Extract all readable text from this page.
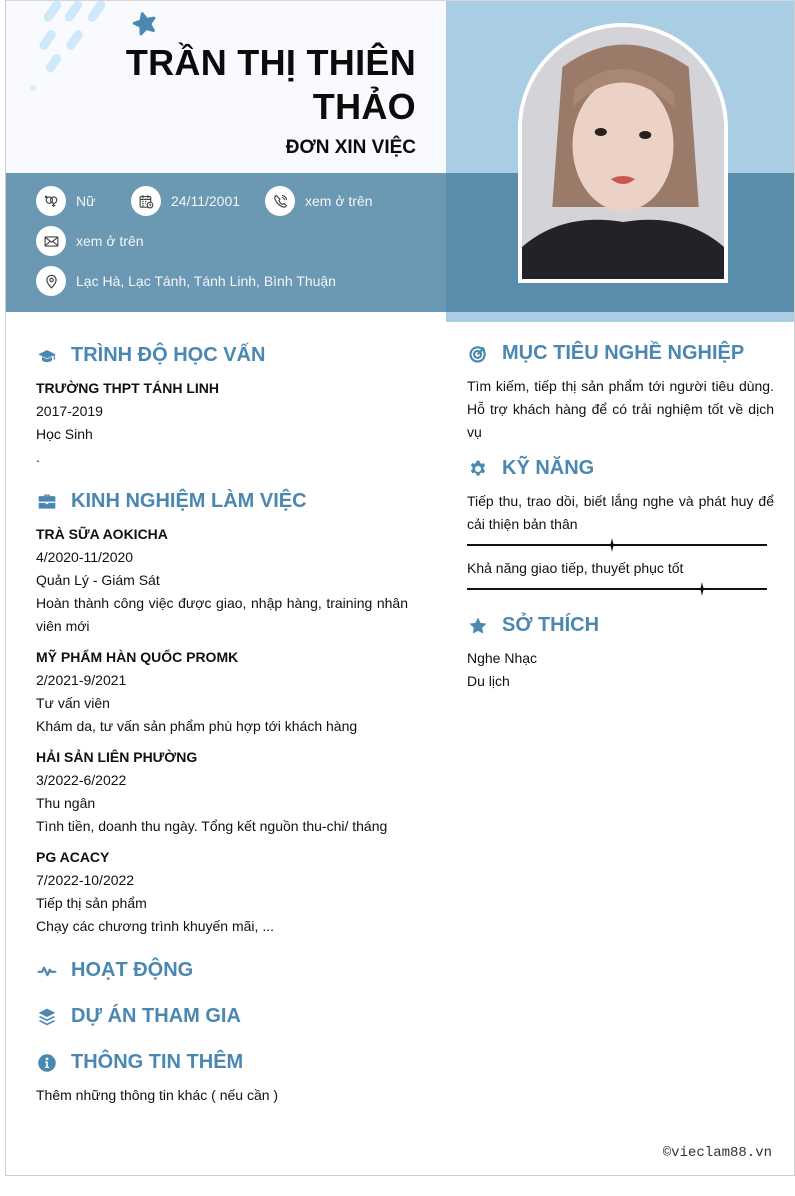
TRẦN THỊ THIÊN
THẢO
ĐƠN XIN VIỆC
Nữ	24/11/2001	xem ở trên
xem ở trên
Lạc Hà, Lạc Tánh, Tánh Linh, Bình Thuận
TRÌNH ĐỘ HỌC VẤN
TRƯỜNG THPT TÁNH LINH
2017-2019
Học Sinh
.
KINH NGHIỆM LÀM VIỆC
TRÀ SỮA AOKICHA
4/2020-11/2020
Quản Lý - Giám Sát
Hoàn thành công việc được giao, nhập hàng, training nhân viên mới
MỸ PHẨM HÀN QUỐC PROMK
2/2021-9/2021
Tư vấn viên
Khám da, tư vấn sản phẩm phù hợp tới khách hàng
HẢI SẢN LIÊN PHƯỜNG
3/2022-6/2022
Thu ngân
Tình tiền, doanh thu ngày. Tổng kết nguồn thu-chi/ tháng
PG ACACY
7/2022-10/2022
Tiếp thị sản phẩm
Chạy các chương trình khuyến mãi, ...
HOẠT ĐỘNG
DỰ ÁN THAM GIA
THÔNG TIN THÊM
Thêm những thông tin khác ( nếu cần )
MỤC TIÊU NGHỀ NGHIỆP
Tìm kiếm, tiếp thị sản phẩm tới người tiêu dùng. Hỗ trợ khách hàng để có trải nghiệm tốt về dịch vụ
KỸ NĂNG
Tiếp thu, trao dồi, biết lắng nghe và phát huy để cải thiện bản thân
Khả năng giao tiếp, thuyết phục tốt
SỞ THÍCH
Nghe Nhạc
Du lịch
©vieclam88.vn
